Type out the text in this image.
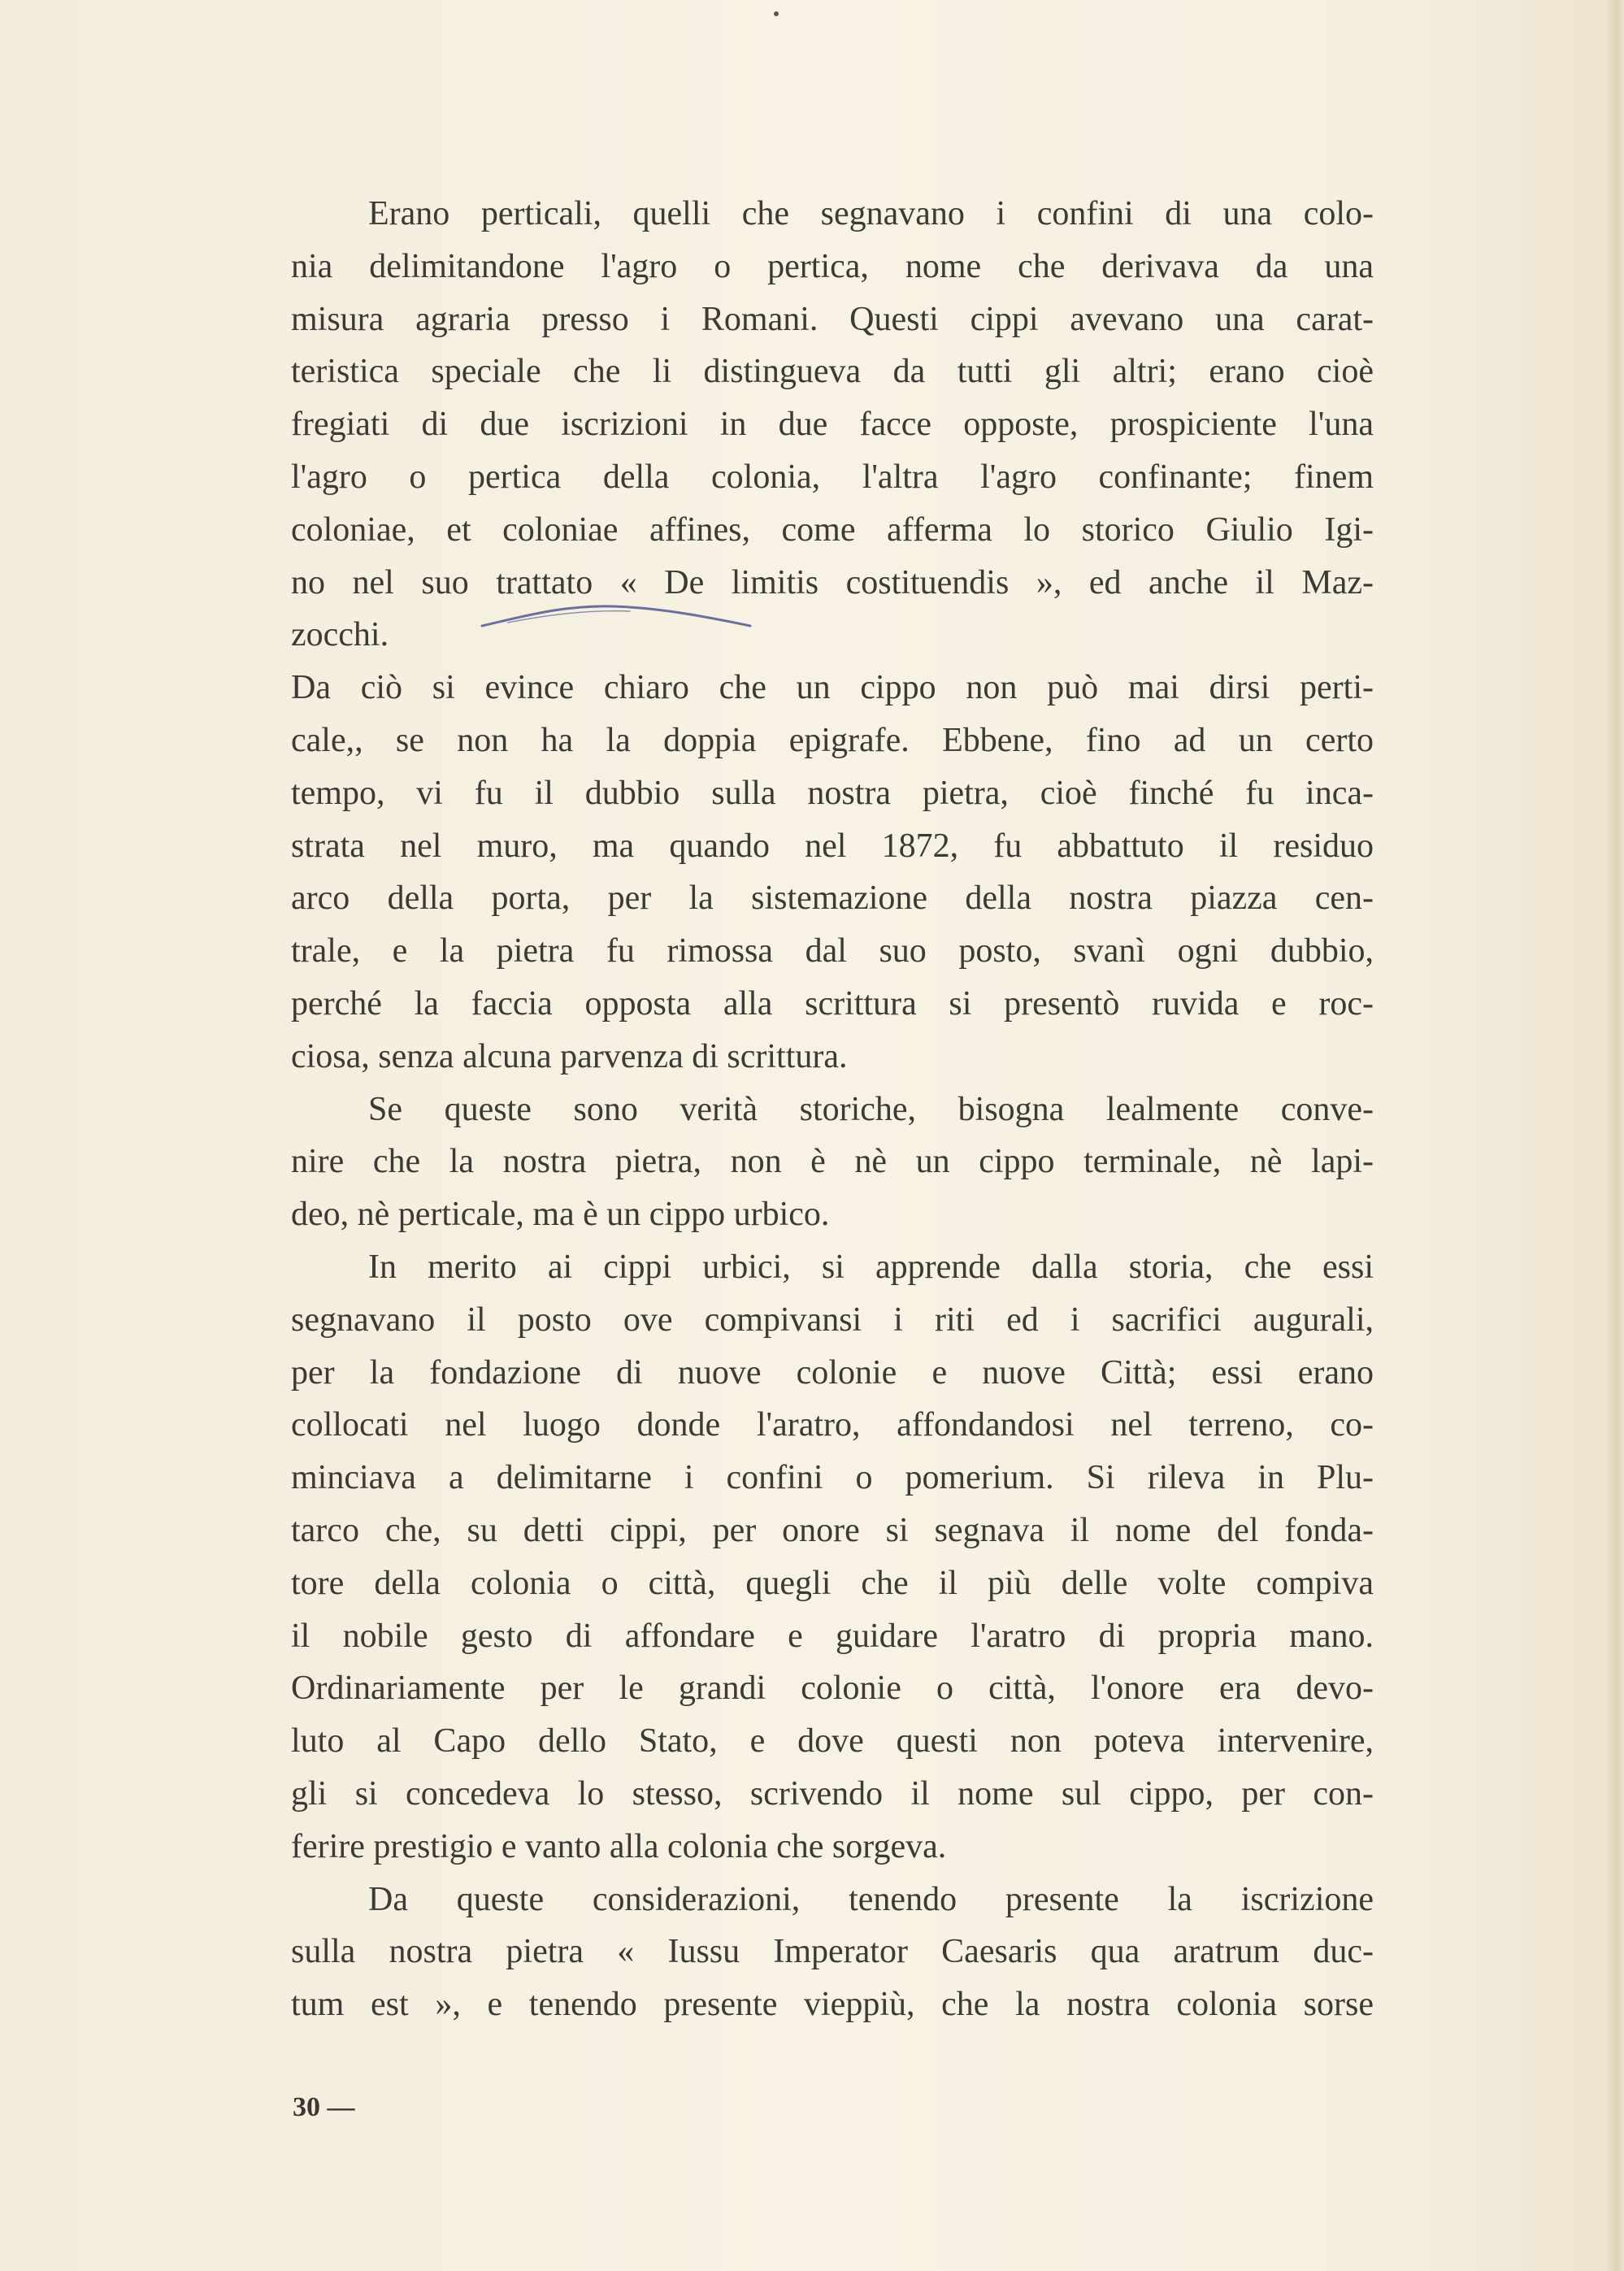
Erano perticali, quelli che segnavano i confini di una colo-
nia delimitandone l'agro o pertica, nome che derivava da una
misura agraria presso i Romani. Questi cippi avevano una carat-
teristica speciale che li distingueva da tutti gli altri; erano cioè
fregiati di due iscrizioni in due facce opposte, prospiciente l'una
l'agro o pertica della colonia, l'altra l'agro confinante; finem
coloniae, et coloniae affines, come afferma lo storico Giulio Igi-
no nel suo trattato « De limitis costituendis », ed anche il Maz-
zocchi.
Da ciò si evince chiaro che un cippo non può mai dirsi perti-
cale,, se non ha la doppia epigrafe. Ebbene, fino ad un certo
tempo, vi fu il dubbio sulla nostra pietra, cioè finché fu inca-
strata nel muro, ma quando nel 1872, fu abbattuto il residuo
arco della porta, per la sistemazione della nostra piazza cen-
trale, e la pietra fu rimossa dal suo posto, svanì ogni dubbio,
perché la faccia opposta alla scrittura si presentò ruvida e roc-
ciosa, senza alcuna parvenza di scrittura.
Se queste sono verità storiche, bisogna lealmente conve-
nire che la nostra pietra, non è nè un cippo terminale, nè lapi-
deo, nè perticale, ma è un cippo urbico.
In merito ai cippi urbici, si apprende dalla storia, che essi
segnavano il posto ove compivansi i riti ed i sacrifici augurali,
per la fondazione di nuove colonie e nuove Città; essi erano
collocati nel luogo donde l'aratro, affondandosi nel terreno, co-
minciava a delimitarne i confini o pomerium. Si rileva in Plu-
tarco che, su detti cippi, per onore si segnava il nome del fonda-
tore della colonia o città, quegli che il più delle volte compiva
il nobile gesto di affondare e guidare l'aratro di propria mano.
Ordinariamente per le grandi colonie o città, l'onore era devo-
luto al Capo dello Stato, e dove questi non poteva intervenire,
gli si concedeva lo stesso, scrivendo il nome sul cippo, per con-
ferire prestigio e vanto alla colonia che sorgeva.
Da queste considerazioni, tenendo presente la iscrizione
sulla nostra pietra « Iussu Imperator Caesaris qua aratrum duc-
tum est », e tenendo presente vieppiù, che la nostra colonia sorse
30 —
